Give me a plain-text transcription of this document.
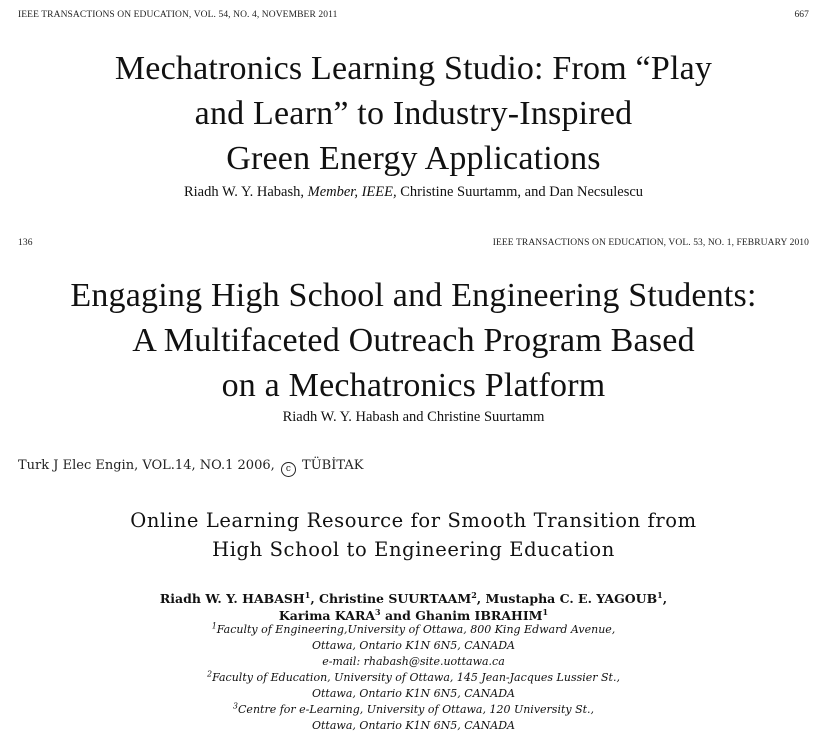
IEEE TRANSACTIONS ON EDUCATION, VOL. 54, NO. 4, NOVEMBER 2011	667
Mechatronics Learning Studio: From “Play
and Learn” to Industry-Inspired
Green Energy Applications
Riadh W. Y. Habash, Member, IEEE, Christine Suurtamm, and Dan Necsulescu
136	IEEE TRANSACTIONS ON EDUCATION, VOL. 53, NO. 1, FEBRUARY 2010
Engaging High School and Engineering Students:
A Multifaceted Outreach Program Based
on a Mechatronics Platform
Riadh W. Y. Habash and Christine Suurtamm
Turk J Elec Engin, VOL.14, NO.1 2006, c TÜBİTAK
Online Learning Resource for Smooth Transition from
High School to Engineering Education
Riadh W. Y. HABASH$^1$, Christine SUURTAAM$^2$, Mustapha C. E. YAGOUB$^1$,
Karima KARA$^3$ and Ghanim IBRAHIM$^1$
$^1$Faculty of Engineering,University of Ottawa, 800 King Edward Avenue,
Ottawa, Ontario K1N 6N5, CANADA
e-mail: rhabash@site.uottawa.ca
$^2$Faculty of Education, University of Ottawa, 145 Jean-Jacques Lussier St.,
Ottawa, Ontario K1N 6N5, CANADA
$^3$Centre for e-Learning, University of Ottawa, 120 University St.,
Ottawa, Ontario K1N 6N5, CANADA
